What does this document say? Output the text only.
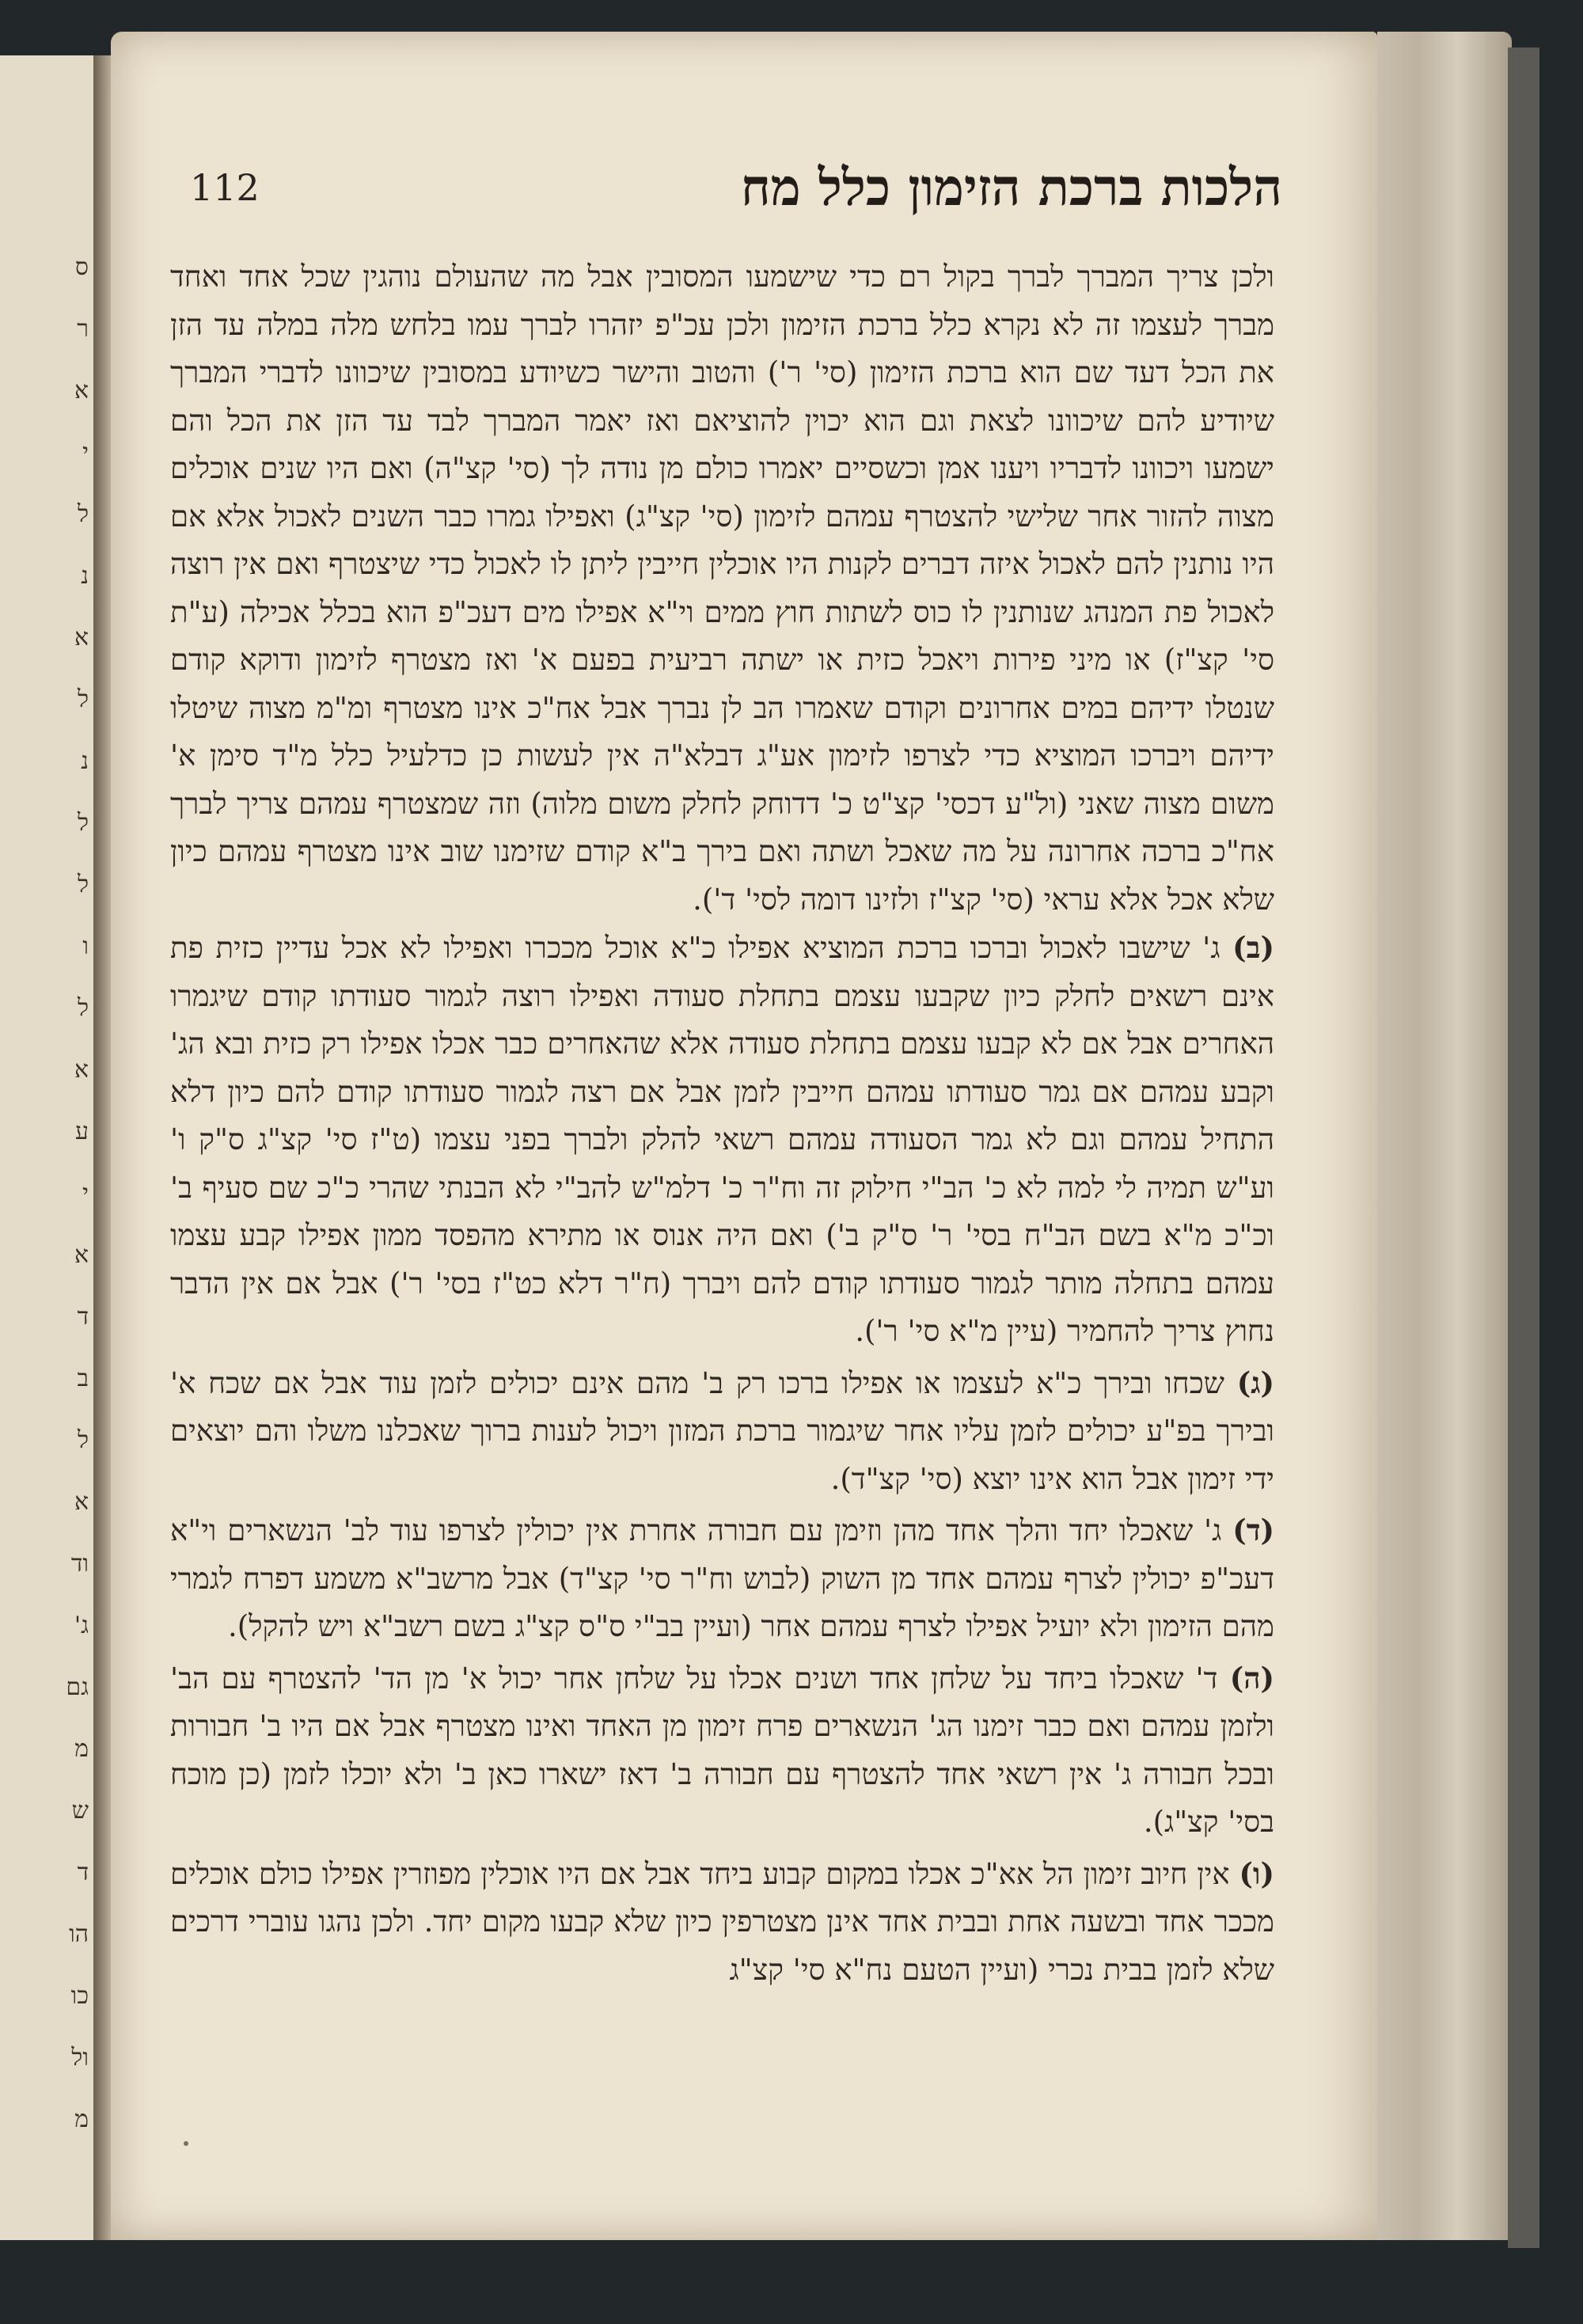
ס
ר
א
י
ל
נ
א
ל
נ
ל
ל
ו
ל
א
ע
י
א
ד
ב
ל
א
וד
ג'
גם
מ
ש
ד
הו
כו
ול
מ
112	הלכות ברכת הזימון כלל מח

ולכן צריך המברך לברך בקול רם כדי שישמעו המסובין אבל מה שהעולם נוהגין שכל אחד ואחד מברך לעצמו זה לא נקרא כלל ברכת הזימון ולכן עכ"פ יזהרו לברך עמו בלחש מלה במלה עד הזן את הכל דעד שם הוא ברכת הזימון (סי' ר') והטוב והישר כשיודע במסובין שיכוונו לדברי המברך שיודיע להם שיכוונו לצאת וגם הוא יכוין להוציאם ואז יאמר המברך לבד עד הזן את הכל והם ישמעו ויכוונו לדבריו ויענו אמן וכשסיים יאמרו כולם מן נודה לך (סי' קצ"ה) ואם היו שנים אוכלים מצוה להזור אחר שלישי להצטרף עמהם לזימון (סי' קצ"ג) ואפילו גמרו כבר השנים לאכול אלא אם היו נותנין להם לאכול איזה דברים לקנות היו אוכלין חייבין ליתן לו לאכול כדי שיצטרף ואם אין רוצה לאכול פת המנהג שנותנין לו כוס לשתות חוץ ממים וי"א אפילו מים דעכ"פ הוא בכלל אכילה (ע"ת סי' קצ"ז) או מיני פירות ויאכל כזית או ישתה רביעית בפעם א' ואז מצטרף לזימון ודוקא קודם שנטלו ידיהם במים אחרונים וקודם שאמרו הב לן נברך אבל אח"כ אינו מצטרף ומ"מ מצוה שיטלו ידיהם ויברכו המוציא כדי לצרפו לזימון אע"ג דבלא"ה אין לעשות כן כדלעיל כלל מ"ד סימן א' משום מצוה שאני (ול"ע דכסי' קצ"ט כ' דדוחק לחלק משום מלוה) וזה שמצטרף עמהם צריך לברך אח"כ ברכה אחרונה על מה שאכל ושתה ואם בירך ב"א קודם שזימנו שוב אינו מצטרף עמהם כיון שלא אכל אלא עראי (סי' קצ"ז ולזינו דומה לסי' ד').

(ב) ג' שישבו לאכול וברכו ברכת המוציא אפילו כ"א אוכל מככרו ואפילו לא אכל עדיין כזית פת אינם רשאים לחלק כיון שקבעו עצמם בתחלת סעודה ואפילו רוצה לגמור סעודתו קודם שיגמרו האחרים אבל אם לא קבעו עצמם בתחלת סעודה אלא שהאחרים כבר אכלו אפילו רק כזית ובא הג' וקבע עמהם אם גמר סעודתו עמהם חייבין לזמן אבל אם רצה לגמור סעודתו קודם להם כיון דלא התחיל עמהם וגם לא גמר הסעודה עמהם רשאי להלק ולברך בפני עצמו (ט"ז סי' קצ"ג ס"ק ו' וע"ש תמיה לי למה לא כ' הב"י חילוק זה וח"ר כ' דלמ"ש להב"י לא הבנתי שהרי כ"כ שם סעיף ב' וכ"כ מ"א בשם הב"ח בסי' ר' ס"ק ב') ואם היה אנוס או מתירא מהפסד ממון אפילו קבע עצמו עמהם בתחלה מותר לגמור סעודתו קודם להם ויברך (ח"ר דלא כט"ז בסי' ר') אבל אם אין הדבר נחוץ צריך להחמיר (עיין מ"א סי' ר').

(ג) שכחו ובירך כ"א לעצמו או אפילו ברכו רק ב' מהם אינם יכולים לזמן עוד אבל אם שכח א' ובירך בפ"ע יכולים לזמן עליו אחר שיגמור ברכת המזון ויכול לענות ברוך שאכלנו משלו והם יוצאים ידי זימון אבל הוא אינו יוצא (סי' קצ"ד).

(ד) ג' שאכלו יחד והלך אחד מהן וזימן עם חבורה אחרת אין יכולין לצרפו עוד לב' הנשארים וי"א דעכ"פ יכולין לצרף עמהם אחד מן השוק (לבוש וח"ר סי' קצ"ד) אבל מרשב"א משמע דפרח לגמרי מהם הזימון ולא יועיל אפילו לצרף עמהם אחר (ועיין בב"י ס"ס קצ"ג בשם רשב"א ויש להקל).

(ה) ד' שאכלו ביחד על שלחן אחד ושנים אכלו על שלחן אחר יכול א' מן הד' להצטרף עם הב' ולזמן עמהם ואם כבר זימנו הג' הנשארים פרח זימון מן האחד ואינו מצטרף אבל אם היו ב' חבורות ובכל חבורה ג' אין רשאי אחד להצטרף עם חבורה ב' דאז ישארו כאן ב' ולא יוכלו לזמן (כן מוכח בסי' קצ"ג).

(ו) אין חיוב זימון הל אא"כ אכלו במקום קבוע ביחד אבל אם היו אוכלין מפוזרין אפילו כולם אוכלים מככר אחד ובשעה אחת ובבית אחד אינן מצטרפין כיון שלא קבעו מקום יחד. ולכן נהגו עוברי דרכים שלא לזמן בבית נכרי (ועיין הטעם נח"א סי' קצ"ג
